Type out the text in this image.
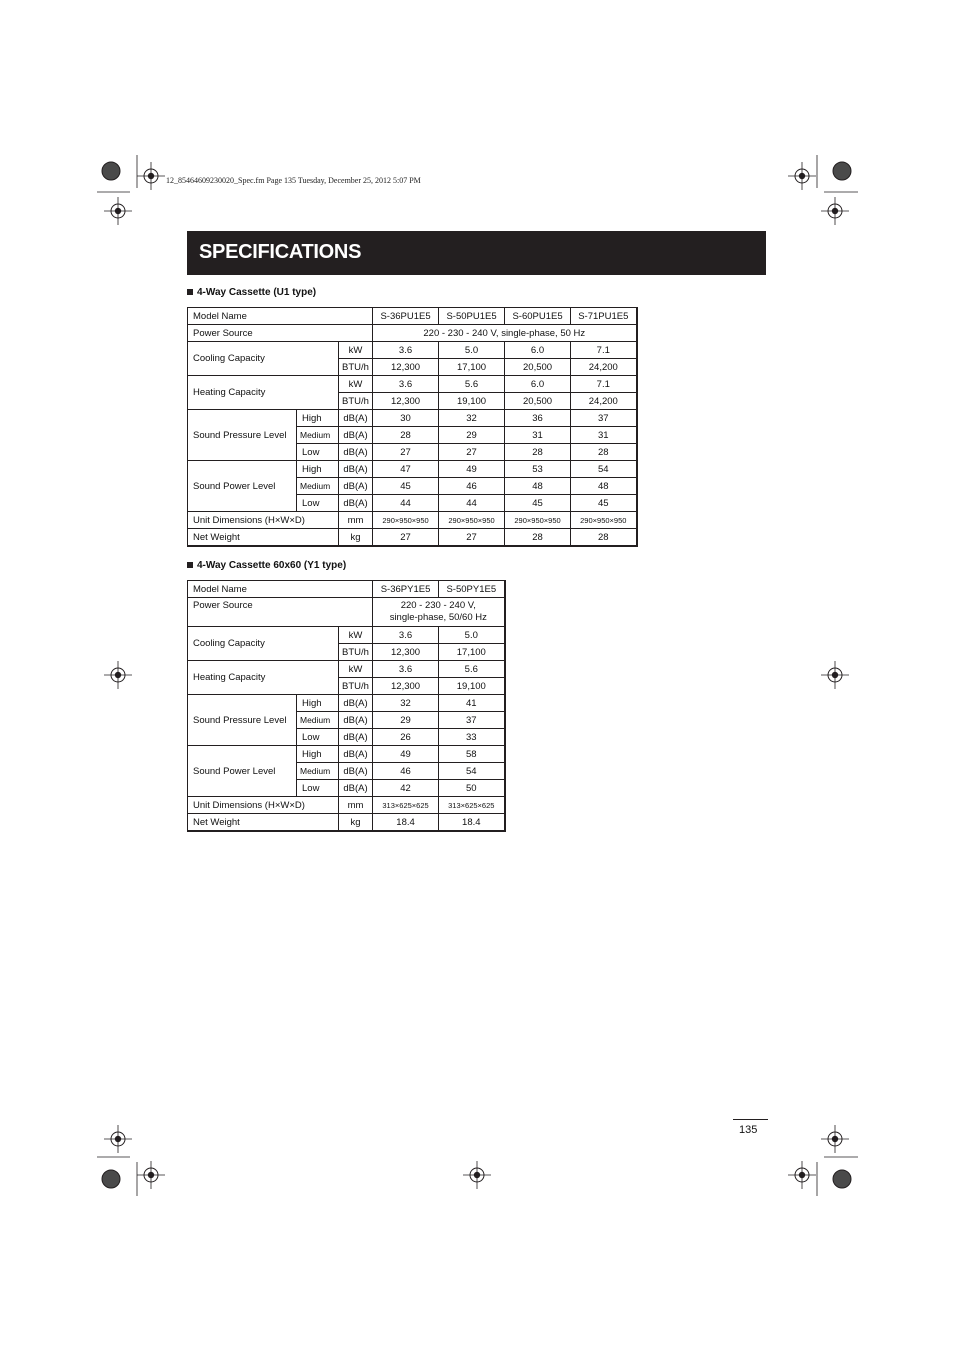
12_85464609230020_Spec.fm Page 135 Tuesday, December 25, 2012 5:07 PM
SPECIFICATIONS
4-Way Cassette (U1 type)
Model Name			S-36PU1E5	S-50PU1E5	S-60PU1E5	S-71PU1E5
Power Source			220 - 230 - 240 V, single-phase, 50 Hz			
Cooling Capacity		kW	3.6	5.0	6.0	7.1
		BTU/h	12,300	17,100	20,500	24,200
Heating Capacity		kW	3.6	5.6	6.0	7.1
		BTU/h	12,300	19,100	20,500	24,200
Sound Pressure Level	High	dB(A)	30	32	36	37
	Medium	dB(A)	28	29	31	31
	Low	dB(A)	27	27	28	28
Sound Power Level	High	dB(A)	47	49	53	54
	Medium	dB(A)	45	46	48	48
	Low	dB(A)	44	44	45	45
Unit Dimensions (H×W×D)		mm	290×950×950	290×950×950	290×950×950	290×950×950
Net Weight		kg	27	27	28	28
4-Way Cassette 60x60 (Y1 type)
Model Name			S-36PY1E5	S-50PY1E5
Power Source			220 - 230 - 240 V,
single-phase, 50/60 Hz	

Cooling Capacity		kW	3.6	5.0
		BTU/h	12,300	17,100
Heating Capacity		kW	3.6	5.6
		BTU/h	12,300	19,100
Sound Pressure Level	High	dB(A)	32	41
	Medium	dB(A)	29	37
	Low	dB(A)	26	33
Sound Power Level	High	dB(A)	49	58
	Medium	dB(A)	46	54
	Low	dB(A)	42	50
Unit Dimensions (H×W×D)		mm	313×625×625	313×625×625
Net Weight		kg	18.4	18.4
135
